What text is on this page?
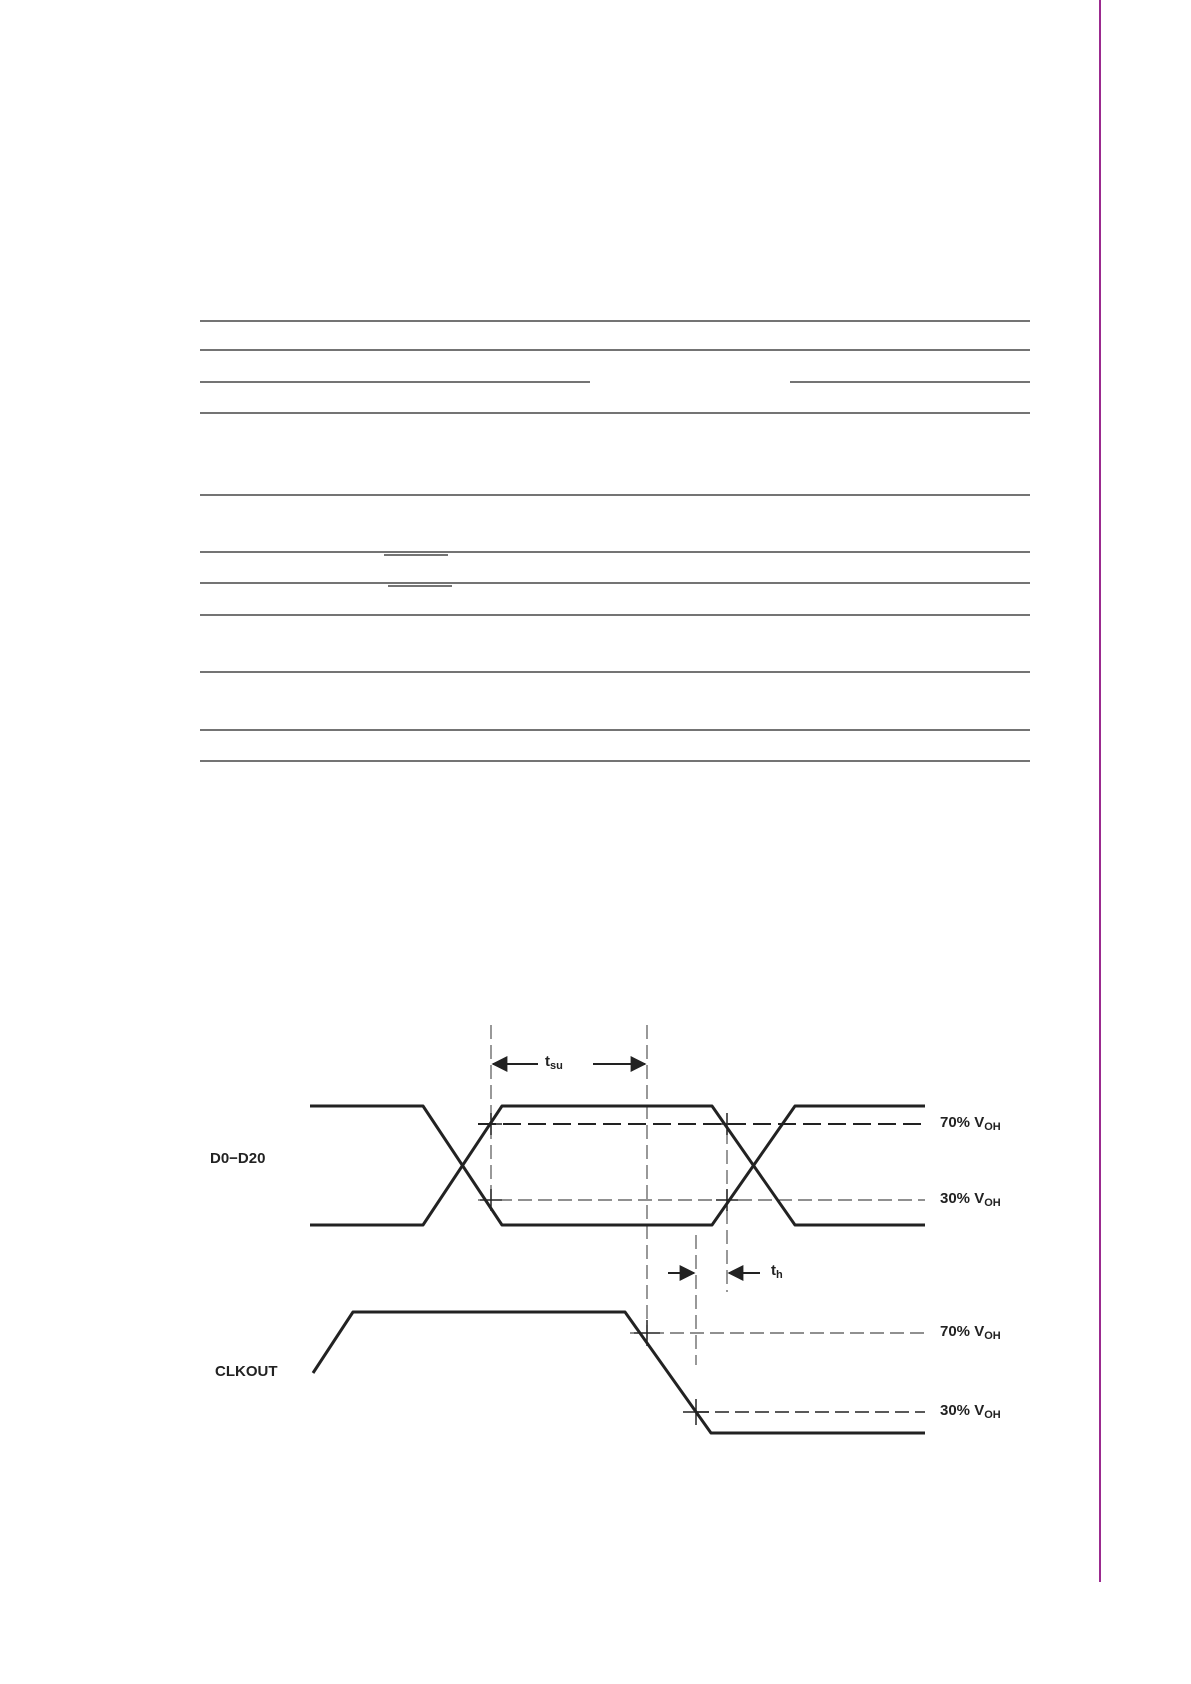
D0−D20
CLKOUT
$t_{su}$
$t_h$
70% $V_{OH}$
30% $V_{OH}$
70% $V_{OH}$
30% $V_{OH}$
